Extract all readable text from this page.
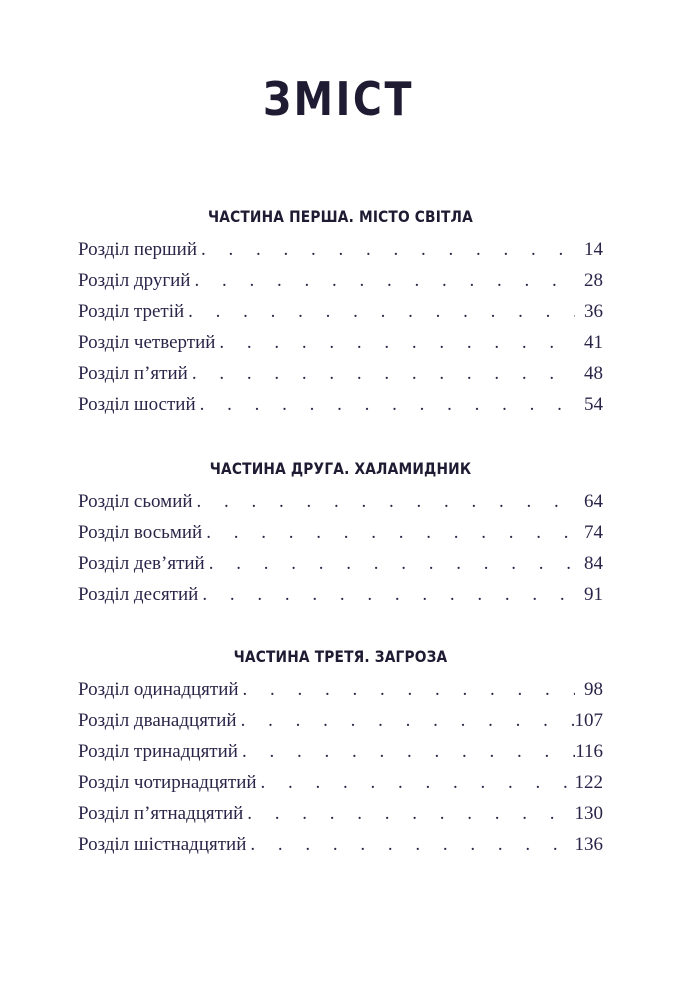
ЗМІСТ
ЧАСТИНА ПЕРША. МІСТО СВІТЛА
Розділ перший . . .	14
Розділ другий . . .	28
Розділ третій . . .	36
Розділ четвертий . . .	41
Розділ п’ятий . . .	48
Розділ шостий . . .	54
ЧАСТИНА ДРУГА. ХАЛАМИДНИК
Розділ сьомий . . .	64
Розділ восьмий . . .	74
Розділ дев’ятий . . .	84
Розділ десятий . . .	91
ЧАСТИНА ТРЕТЯ. ЗАГРОЗА
Розділ одинадцятий . . .	98
Розділ дванадцятий . . .	107
Розділ тринадцятий . . .	116
Розділ чотирнадцятий . . .	122
Розділ п’ятнадцятий . . .	130
Розділ шістнадцятий . . .	136
